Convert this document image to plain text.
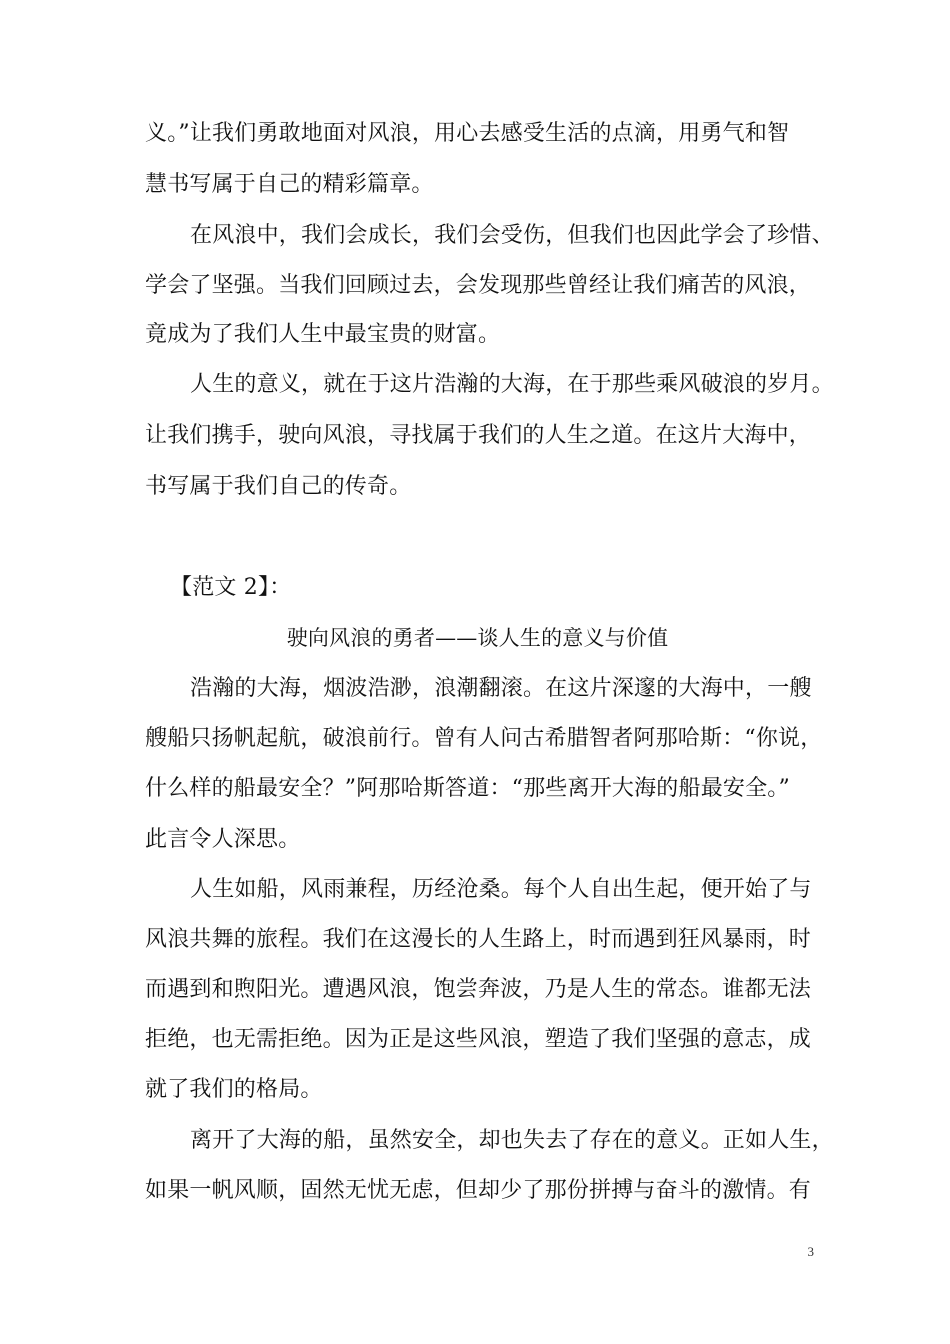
义。”让我们勇敢地面对风浪，用心去感受生活的点滴，用勇气和智
慧书写属于自己的精彩篇章。
在风浪中，我们会成长，我们会受伤，但我们也因此学会了珍惜、
学会了坚强。当我们回顾过去，会发现那些曾经让我们痛苦的风浪，
竟成为了我们人生中最宝贵的财富。
人生的意义，就在于这片浩瀚的大海，在于那些乘风破浪的岁月。
让我们携手，驶向风浪，寻找属于我们的人生之道。在这片大海中，
书写属于我们自己的传奇。
【范文 2】：
驶向风浪的勇者——谈人生的意义与价值
浩瀚的大海，烟波浩渺，浪潮翻滚。在这片深邃的大海中，一艘
艘船只扬帆起航，破浪前行。曾有人问古希腊智者阿那哈斯：“你说，
什么样的船最安全？”阿那哈斯答道：“那些离开大海的船最安全。”
此言令人深思。
人生如船，风雨兼程，历经沧桑。每个人自出生起，便开始了与
风浪共舞的旅程。我们在这漫长的人生路上，时而遇到狂风暴雨，时
而遇到和煦阳光。遭遇风浪，饱尝奔波，乃是人生的常态。谁都无法
拒绝，也无需拒绝。因为正是这些风浪，塑造了我们坚强的意志，成
就了我们的格局。
离开了大海的船，虽然安全，却也失去了存在的意义。正如人生，
如果一帆风顺，固然无忧无虑，但却少了那份拼搏与奋斗的激情。有
3
